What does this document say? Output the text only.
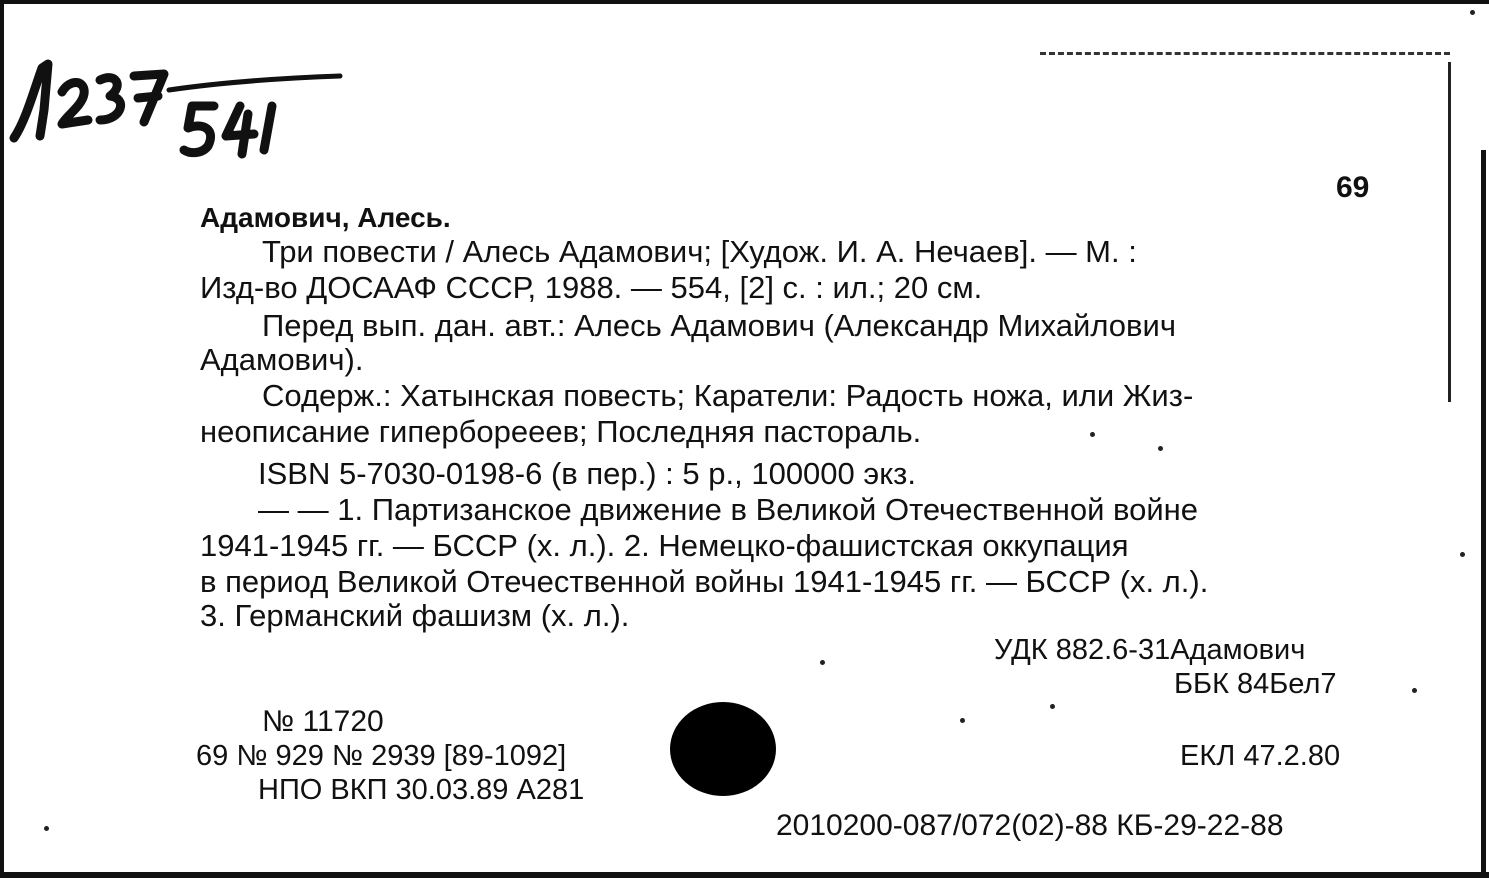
69
Адамович, Алесь.
Три повести / Алесь Адамович; [Худож. И. А. Нечаев]. — М. :
Изд-во ДОСААФ СССР, 1988. — 554, [2] с. : ил.; 20 см.
Перед вып. дан. авт.: Алесь Адамович (Александр Михайлович
Адамович).
Содерж.: Хатынская повесть; Каратели: Радость ножа, или Жиз-
неописание гиперборееев; Последняя пастораль.
ISBN 5-7030-0198-6 (в пер.) : 5 р., 100000 экз.
— — 1. Партизанское движение в Великой Отечественной войне
1941-1945 гг. — БССР (х. л.). 2. Немецко-фашистская оккупация
в период Великой Отечественной войны 1941-1945 гг. — БССР (х. л.).
3. Германский фашизм (х. л.).
УДК 882.6-31Адамович
ББК 84Бел7
№ 11720
69 № 929 № 2939 [89-1092]
НПО ВКП 30.03.89 А281
ЕКЛ 47.2.80
2010200-087/072(02)-88 КБ-29-22-88
